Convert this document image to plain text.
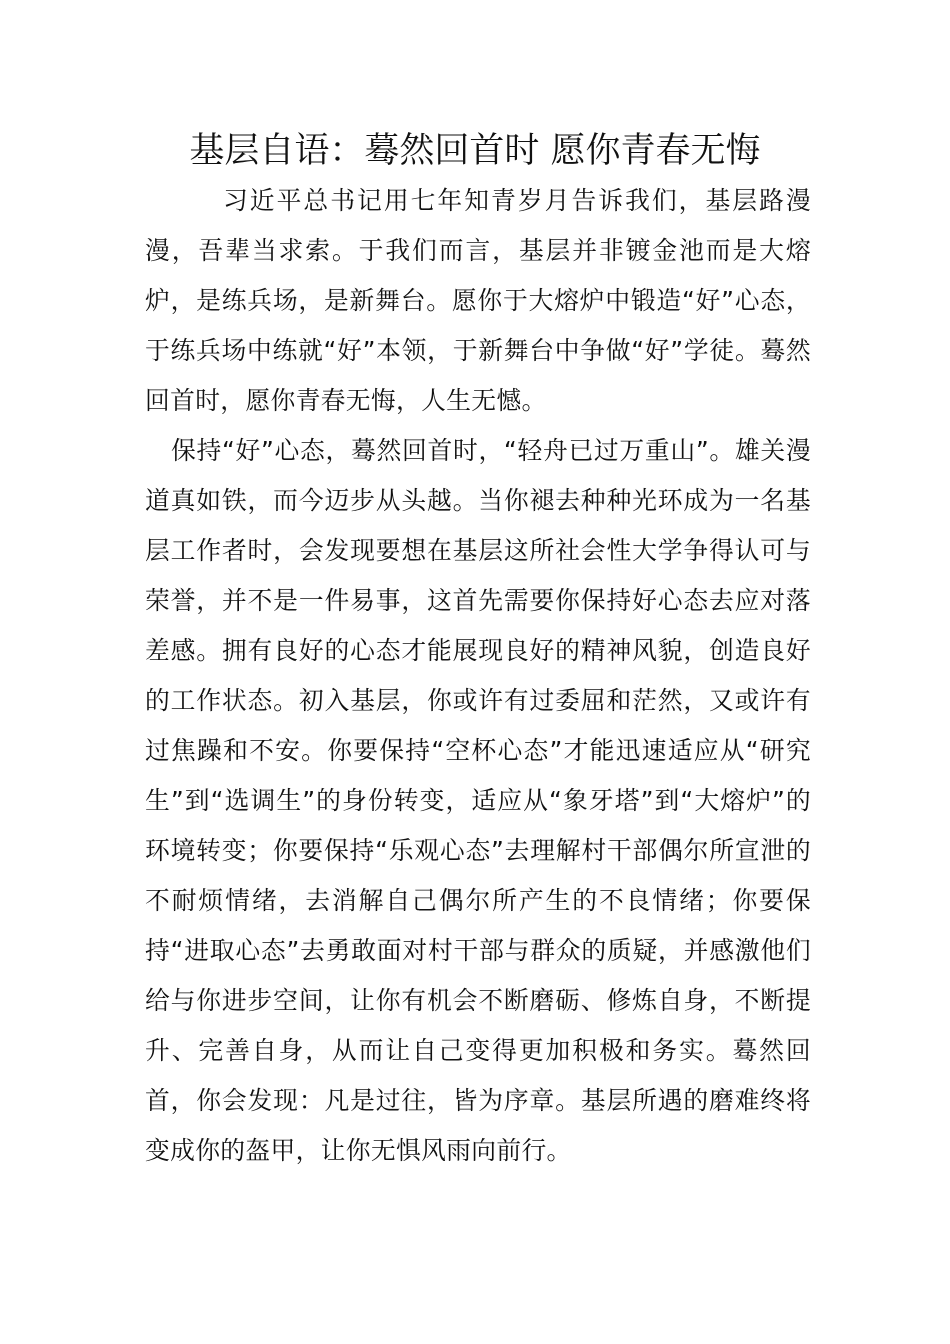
基层自语：蓦然回首时 愿你青春无悔

习近平总书记用七年知青岁月告诉我们，基层路漫漫，吾辈当求索。于我们而言，基层并非镀金池而是大熔炉，是练兵场，是新舞台。愿你于大熔炉中锻造“好”心态，于练兵场中练就“好”本领，于新舞台中争做“好”学徒。蓦然回首时，愿你青春无悔，人生无憾。

保持“好”心态，蓦然回首时，“轻舟已过万重山”。雄关漫道真如铁，而今迈步从头越。当你褪去种种光环成为一名基层工作者时，会发现要想在基层这所社会性大学争得认可与荣誉，并不是一件易事，这首先需要你保持好心态去应对落差感。拥有良好的心态才能展现良好的精神风貌，创造良好的工作状态。初入基层，你或许有过委屈和茫然，又或许有过焦躁和不安。你要保持“空杯心态”才能迅速适应从“研究生”到“选调生”的身份转变，适应从“象牙塔”到“大熔炉”的环境转变；你要保持“乐观心态”去理解村干部偶尔所宣泄的不耐烦情绪，去消解自己偶尔所产生的不良情绪；你要保持“进取心态”去勇敢面对村干部与群众的质疑，并感激他们给与你进步空间，让你有机会不断磨砺、修炼自身，不断提升、完善自身，从而让自己变得更加积极和务实。蓦然回首，你会发现：凡是过往，皆为序章。基层所遇的磨难终将变成你的盔甲，让你无惧风雨向前行。
